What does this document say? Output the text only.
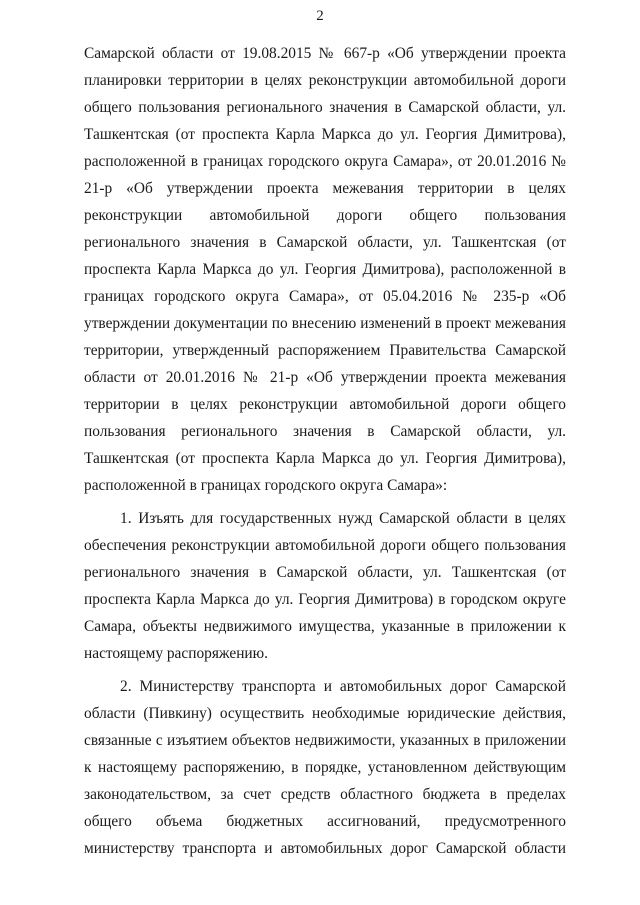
2

Самарской области от 19.08.2015 № 667-р «Об утверждении проекта планировки территории в целях реконструкции автомобильной дороги общего пользования регионального значения в Самарской области, ул. Ташкентская (от проспекта Карла Маркса до ул. Георгия Димитрова), расположенной в границах городского округа Самара», от 20.01.2016 № 21-р «Об утверждении проекта межевания территории в целях реконструкции автомобильной дороги общего пользования регионального значения в Самарской области, ул. Ташкентская (от проспекта Карла Маркса до ул. Георгия Димитрова), расположенной в границах городского округа Самара», от 05.04.2016 № 235-р «Об утверждении документации по внесению изменений в проект межевания территории, утвержденный распоряжением Правительства Самарской области от 20.01.2016 № 21-р «Об утверждении проекта межевания территории в целях реконструкции автомобильной дороги общего пользования регионального значения в Самарской области, ул. Ташкентская (от проспекта Карла Маркса до ул. Георгия Димитрова), расположенной в границах городского округа Самара»:

1. Изъять для государственных нужд Самарской области в целях обеспечения реконструкции автомобильной дороги общего пользования регионального значения в Самарской области, ул. Ташкентская (от проспекта Карла Маркса до ул. Георгия Димитрова) в городском округе Самара, объекты недвижимого имущества, указанные в приложении к настоящему распоряжению.

2. Министерству транспорта и автомобильных дорог Самарской области (Пивкину) осуществить необходимые юридические действия, связанные с изъятием объектов недвижимости, указанных в приложении к настоящему распоряжению, в порядке, установленном действующим законодательством, за счет средств областного бюджета в пределах общего объема бюджетных ассигнований, предусмотренного министерству транспорта и автомобильных дорог Самарской области
